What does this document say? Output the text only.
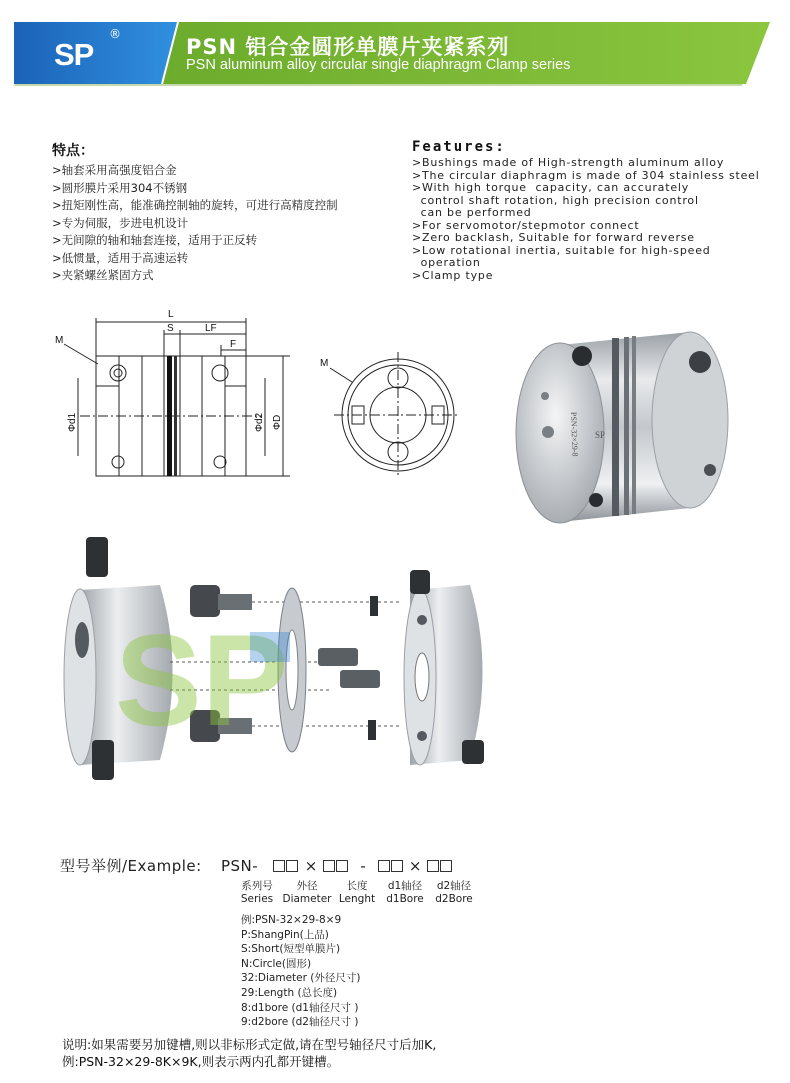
SP
®
PSN 铝合金圆形单膜片夹紧系列
PSN aluminum alloy circular single diaphragm Clamp series
特点：
>轴套采用高强度铝合金
>圆形膜片采用304不锈钢
>扭矩刚性高，能准确控制轴的旋转，可进行高精度控制
>专为伺服，步进电机设计
>无间隙的轴和轴套连接，适用于正反转
>低惯量，适用于高速运转
>夹紧螺丝紧固方式
Features:
>Bushings made of High-strength aluminum alloy
>The circular diaphragm is made of 304 stainless steel
>With high torque  capacity, can accurately
control shaft rotation, high precision control
can be performed
>For servomotor/stepmotor connect
>Zero backlash, Suitable for forward reverse
>Low rotational inertia, suitable for high-speed
operation
>Clamp type
L
S	LF
F
M
Φd1	Φd2 ΦD
M
PSN-32×29-8 SP
SP
型号举例/Example: PSN-	×	-	×
系列号
Series
外径
Diameter
长度
Lenght
d1轴径
d1Bore
d2轴径
d2Bore
例:PSN-32×29-8×9
P:ShangPin(上品)
S:Short(短型单膜片)
N:Circle(圆形)
32:Diameter (外径尺寸)
29:Length (总长度)
8:d1bore (d1轴径尺寸 )
9:d2bore (d2轴径尺寸 )
说明:如果需要另加键槽,则以非标形式定做,请在型号轴径尺寸后加K,
例:PSN-32×29-8K×9K,则表示两内孔都开键槽。
